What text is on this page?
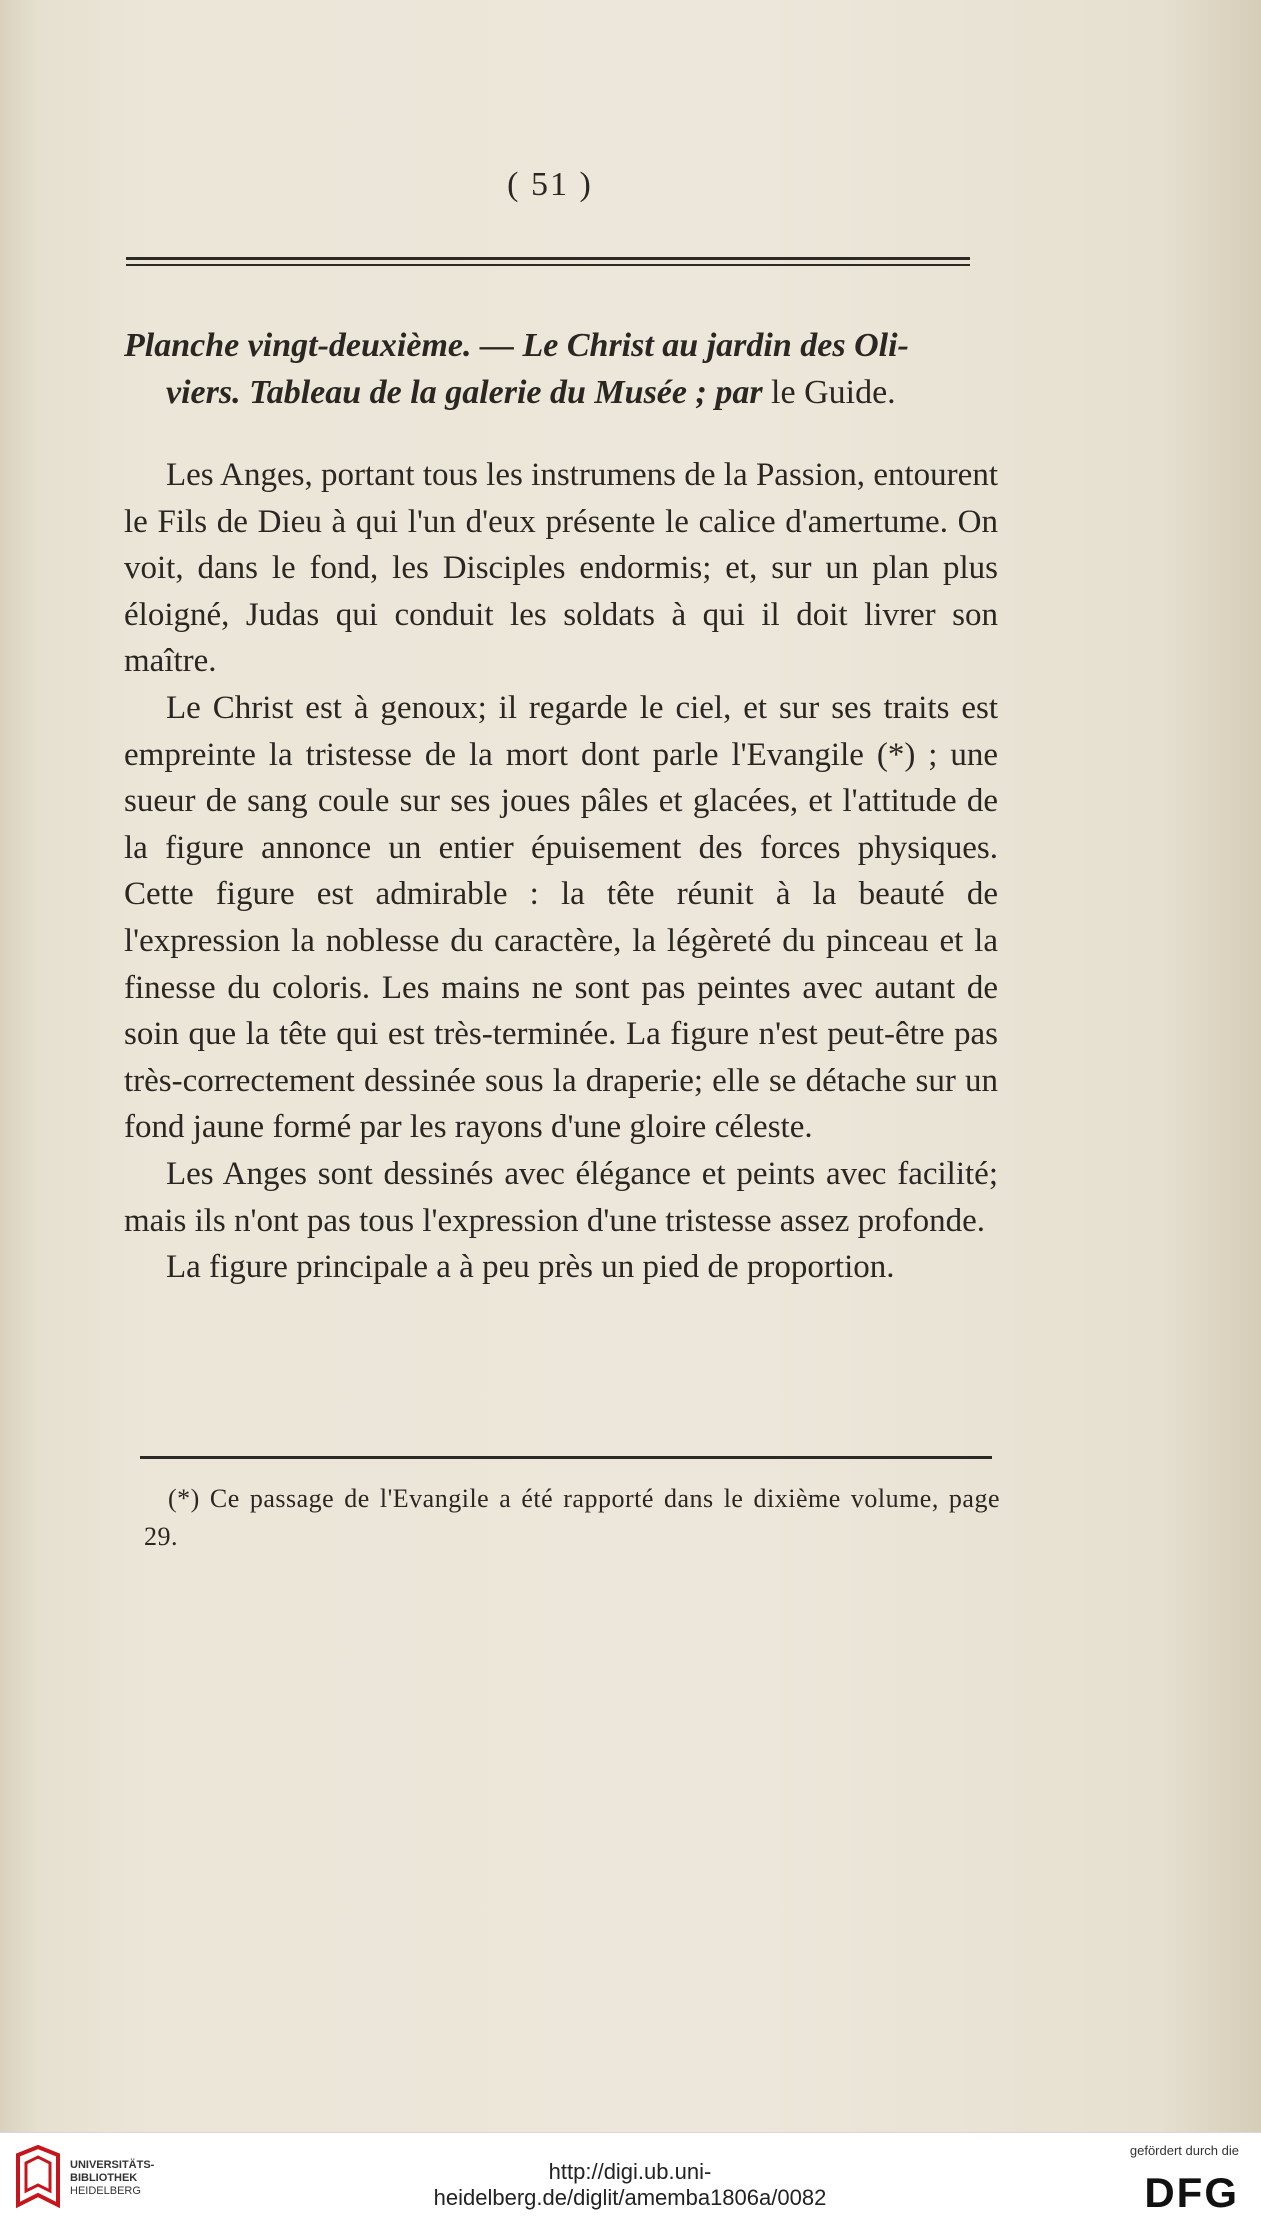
( 51 )
Planche vingt-deuxième. — Le Christ au jardin des Oli-
viers. Tableau de la galerie du Musée ; par le Guide.

Les Anges, portant tous les instrumens de la Passion, entourent le Fils de Dieu à qui l'un d'eux présente le calice d'amertume. On voit, dans le fond, les Disciples endormis; et, sur un plan plus éloigné, Judas qui conduit les soldats à qui il doit livrer son maître.

Le Christ est à genoux; il regarde le ciel, et sur ses traits est empreinte la tristesse de la mort dont parle l'Evangile (*) ; une sueur de sang coule sur ses joues pâles et glacées, et l'attitude de la figure annonce un entier épuisement des forces physiques. Cette figure est admirable : la tête réunit à la beauté de l'expression la noblesse du caractère, la légèreté du pinceau et la finesse du coloris. Les mains ne sont pas peintes avec autant de soin que la tête qui est très-terminée. La figure n'est peut-être pas très-correctement dessinée sous la draperie; elle se détache sur un fond jaune formé par les rayons d'une gloire céleste.

Les Anges sont dessinés avec élégance et peints avec facilité; mais ils n'ont pas tous l'expression d'une tristesse assez profonde.

La figure principale a à peu près un pied de proportion.

(*) Ce passage de l'Evangile a été rapporté dans le dixième volume, page 29.
UNIVERSITÄTS-
BIBLIOTHEK
HEIDELBERG
http://digi.ub.uni-heidelberg.de/diglit/amemba1806a/0082
gefördert durch die
DFG
